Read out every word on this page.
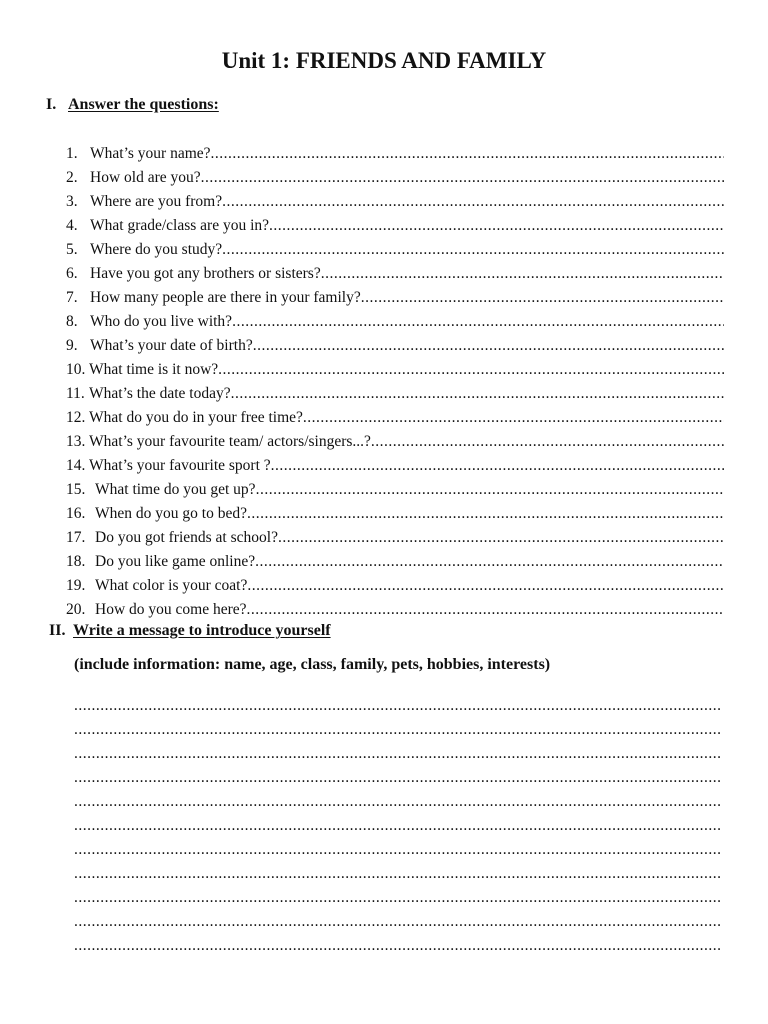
Unit 1: FRIENDS AND FAMILY
I. Answer the questions:
1. What’s your name?
.....
2. How old are you?
.....
3. Where are you from?
.....
4. What grade/class are you in?
.....
5. Where do you study?
.....
6. Have you got any brothers or sisters?
.....
7. How many people are there in your family?
.....
8. Who do you live with?
.....
9. What’s your date of birth?
.....
10. What time is it now?
.....
11. What’s the date today?
.....
12. What do you do in your free time?
.....
13. What’s your favourite team/ actors/singers...?
.....
14. What’s your favourite sport ?
.....
15. What time do you get up?
.....
16. When do you go to bed?
.....
17. Do you got friends at school?
.....
18. Do you like game online?
.....
19. What color is your coat?
.....
20. How do you come here?
.....
II. Write a message to introduce yourself
(include information: name, age, class, family, pets, hobbies, interests)
.....
.....
.....
.....
.....
.....
.....
.....
.....
.....
.....
